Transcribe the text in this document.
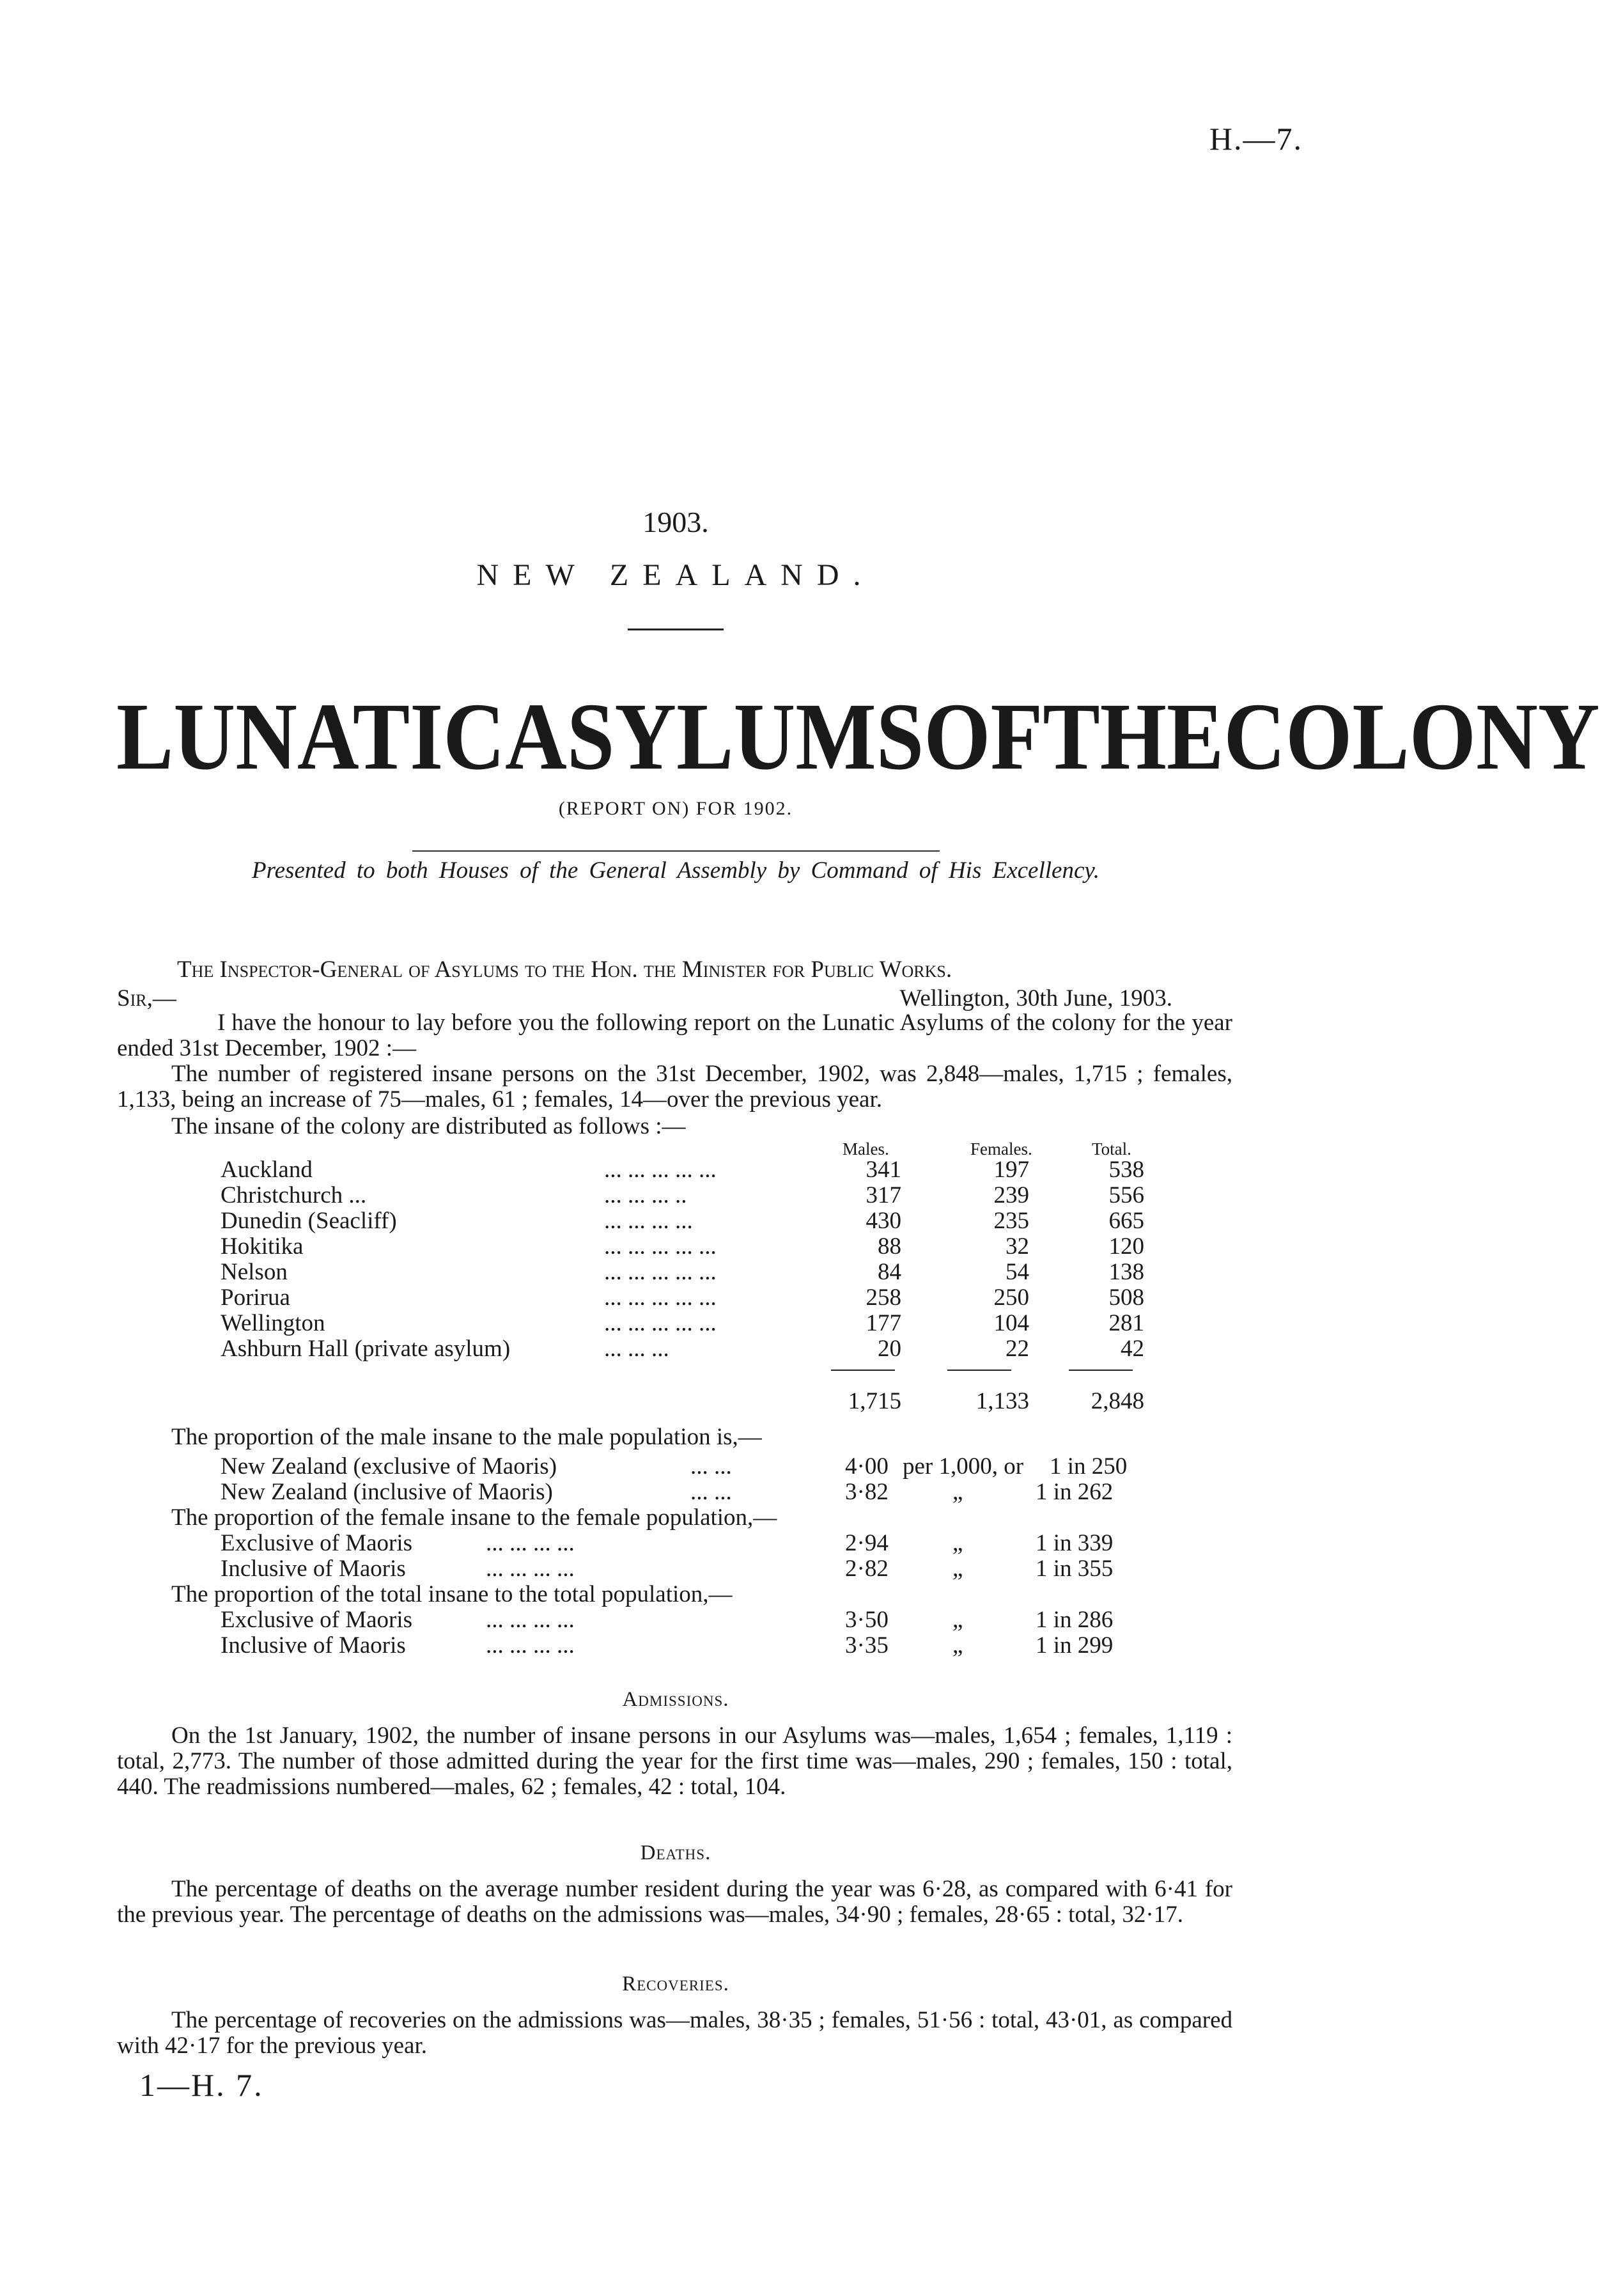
H.—7.
1903.
NEW ZEALAND.
LUNATIC ASYLUMS OF THE COLONY
(REPORT ON) FOR 1902.
Presented to both Houses of the General Assembly by Command of His Excellency.
The Inspector-General of Asylums to the Hon. the Minister for Public Works.
Sir,—	Wellington, 30th June, 1903.
I have the honour to lay before you the following report on the Lunatic Asylums of the colony for the year ended 31st December, 1902 :—
The number of registered insane persons on the 31st December, 1902, was 2,848—males, 1,715 ; females, 1,133, being an increase of 75—males, 61 ; females, 14—over the previous year.
The insane of the colony are distributed as follows :—
Males.	Females.	Total.
Auckland	... ... ... ... ...	341	197	538
Christchurch ...	... ... ... ..	317	239	556
Dunedin (Seacliff)	... ... ... ...	430	235	665
Hokitika	... ... ... ... ...	88	32	120
Nelson	... ... ... ... ...	84	54	138
Porirua	... ... ... ... ...	258	250	508
Wellington	... ... ... ... ...	177	104	281
Ashburn Hall (private asylum)	... ... ...	20	22	42
1,715	1,133	2,848
The proportion of the male insane to the male population is,—
New Zealand (exclusive of Maoris)	... ...	4·00 per 1,000, or 1 in 250
New Zealand (inclusive of Maoris)	... ...	3·82	„	1 in 262
The proportion of the female insane to the female population,—
Exclusive of Maoris	... ... ... ...	2·94	„	1 in 339
Inclusive of Maoris	... ... ... ...	2·82	„	1 in 355
The proportion of the total insane to the total population,—
Exclusive of Maoris	... ... ... ...	3·50	„	1 in 286
Inclusive of Maoris	... ... ... ...	3·35	„	1 in 299
Admissions.
On the 1st January, 1902, the number of insane persons in our Asylums was—males, 1,654 ; females, 1,119 : total, 2,773. The number of those admitted during the year for the first time was—males, 290 ; females, 150 : total, 440. The readmissions numbered—males, 62 ; females, 42 : total, 104.
Deaths.
The percentage of deaths on the average number resident during the year was 6·28, as compared with 6·41 for the previous year. The percentage of deaths on the admissions was—males, 34·90 ; females, 28·65 : total, 32·17.
Recoveries.
The percentage of recoveries on the admissions was—males, 38·35 ; females, 51·56 : total, 43·01, as compared with 42·17 for the previous year.
1—H. 7.
